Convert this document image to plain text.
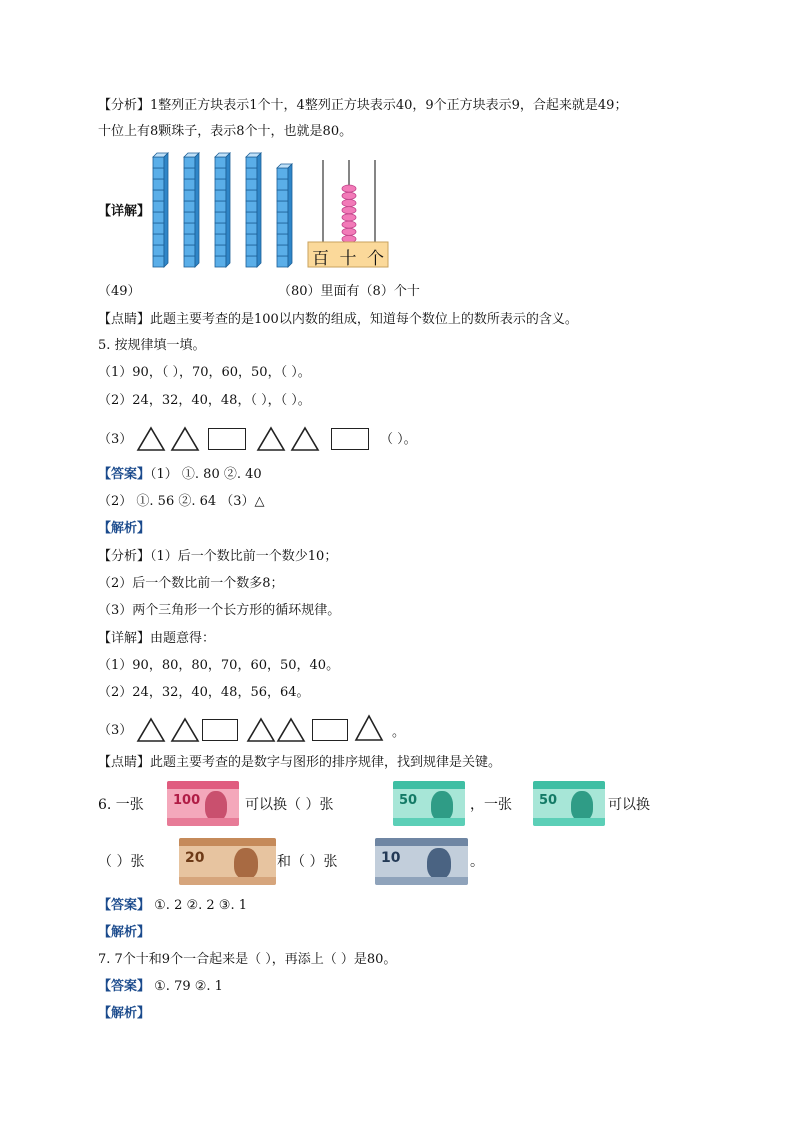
【分析】1整列正方块表示1个十，4整列正方块表示40，9个正方块表示9，合起来就是49；
十位上有8颗珠子，表示8个十，也就是80。
【详解】
百 十 个
（49）	（80）里面有（8）个十
【点睛】此题主要考查的是100以内数的组成，知道每个数位上的数所表示的含义。
5. 按规律填一填。
（1）90，（ ），70，60，50，（ ）。
（2）24，32，40，48，（ ），（ ）。
（3）	（ ）。
【答案】（1） ①. 80 ②. 40
（2） ①. 56 ②. 64 （3）△
【解析】
【分析】（1）后一个数比前一个数少10；
（2）后一个数比前一个数多8；
（3）两个三角形一个长方形的循环规律。
【详解】由题意得：
（1）90，80，80，70，60，50，40。
（2）24，32，40，48，56，64。
（3）	。
【点睛】此题主要考查的是数字与图形的排序规律，找到规律是关键。
6. 一张 100	可以换（ ）张	50	，一张 50	可以换
（ ）张	20	和（ ）张	10	。
【答案】 ①. 2 ②. 2 ③. 1
【解析】
7. 7个十和9个一合起来是（ ），再添上（ ）是80。
【答案】 ①. 79 ②. 1
【解析】
